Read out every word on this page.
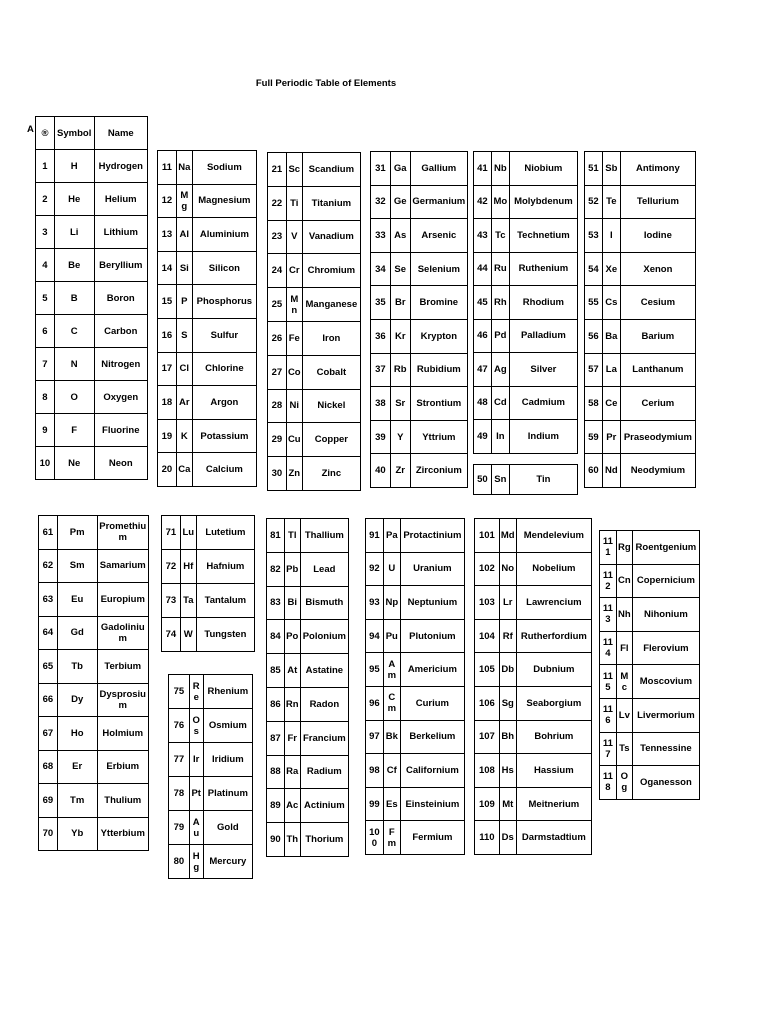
Full Periodic Table of Elements
A ®	Symbol	Name
1	H	Hydrogen
2	He	Helium
3	Li	Lithium
4	Be	Beryllium
5	B	Boron
6	C	Carbon
7	N	Nitrogen
8	O	Oxygen
9	F	Fluorine
10	Ne	Neon
11	Na	Sodium
12	Mg	Magnesium
13	Al	Aluminium
14	Si	Silicon
15	P	Phosphorus
16	S	Sulfur
17	Cl	Chlorine
18	Ar	Argon
19	K	Potassium
20	Ca	Calcium
21	Sc	Scandium
22	Ti	Titanium
23	V	Vanadium
24	Cr	Chromium
25	Mn	Manganese
26	Fe	Iron
27	Co	Cobalt
28	Ni	Nickel
29	Cu	Copper
30	Zn	Zinc
31	Ga	Gallium
32	Ge	Germanium
33	As	Arsenic
34	Se	Selenium
35	Br	Bromine
36	Kr	Krypton
37	Rb	Rubidium
38	Sr	Strontium
39	Y	Yttrium
40	Zr	Zirconium
41	Nb	Niobium
42	Mo	Molybdenum
43	Tc	Technetium
44	Ru	Ruthenium
45	Rh	Rhodium
46	Pd	Palladium
47	Ag	Silver
48	Cd	Cadmium
49	In	Indium
50	Sn	Tin
51	Sb	Antimony
52	Te	Tellurium
53	I	Iodine
54	Xe	Xenon
55	Cs	Cesium
56	Ba	Barium
57	La	Lanthanum
58	Ce	Cerium
59	Pr	Praseodymium
60	Nd	Neodymium
61	Pm	Promethium
62	Sm	Samarium
63	Eu	Europium
64	Gd	Gadolinium
65	Tb	Terbium
66	Dy	Dysprosium
67	Ho	Holmium
68	Er	Erbium
69	Tm	Thulium
70	Yb	Ytterbium
71	Lu	Lutetium
72	Hf	Hafnium
73	Ta	Tantalum
74	W	Tungsten
75	Re	Rhenium
76	Os	Osmium
77	Ir	Iridium
78	Pt	Platinum
79	Au	Gold
80	Hg	Mercury
81	Tl	Thallium
82	Pb	Lead
83	Bi	Bismuth
84	Po	Polonium
85	At	Astatine
86	Rn	Radon
87	Fr	Francium
88	Ra	Radium
89	Ac	Actinium
90	Th	Thorium
91	Pa	Protactinium
92	U	Uranium
93	Np	Neptunium
94	Pu	Plutonium
95	Am	Americium
96	Cm	Curium
97	Bk	Berkelium
98	Cf	Californium
99	Es	Einsteinium
100	Fm	Fermium
101	Md	Mendelevium
102	No	Nobelium
103	Lr	Lawrencium
104	Rf	Rutherfordium
105	Db	Dubnium
106	Sg	Seaborgium
107	Bh	Bohrium
108	Hs	Hassium
109	Mt	Meitnerium
110	Ds	Darmstadtium
111	Rg	Roentgenium
112	Cn	Copernicium
113	Nh	Nihonium
114	Fl	Flerovium
115	Mc	Moscovium
116	Lv	Livermorium
117	Ts	Tennessine
118	Og	Oganesson
